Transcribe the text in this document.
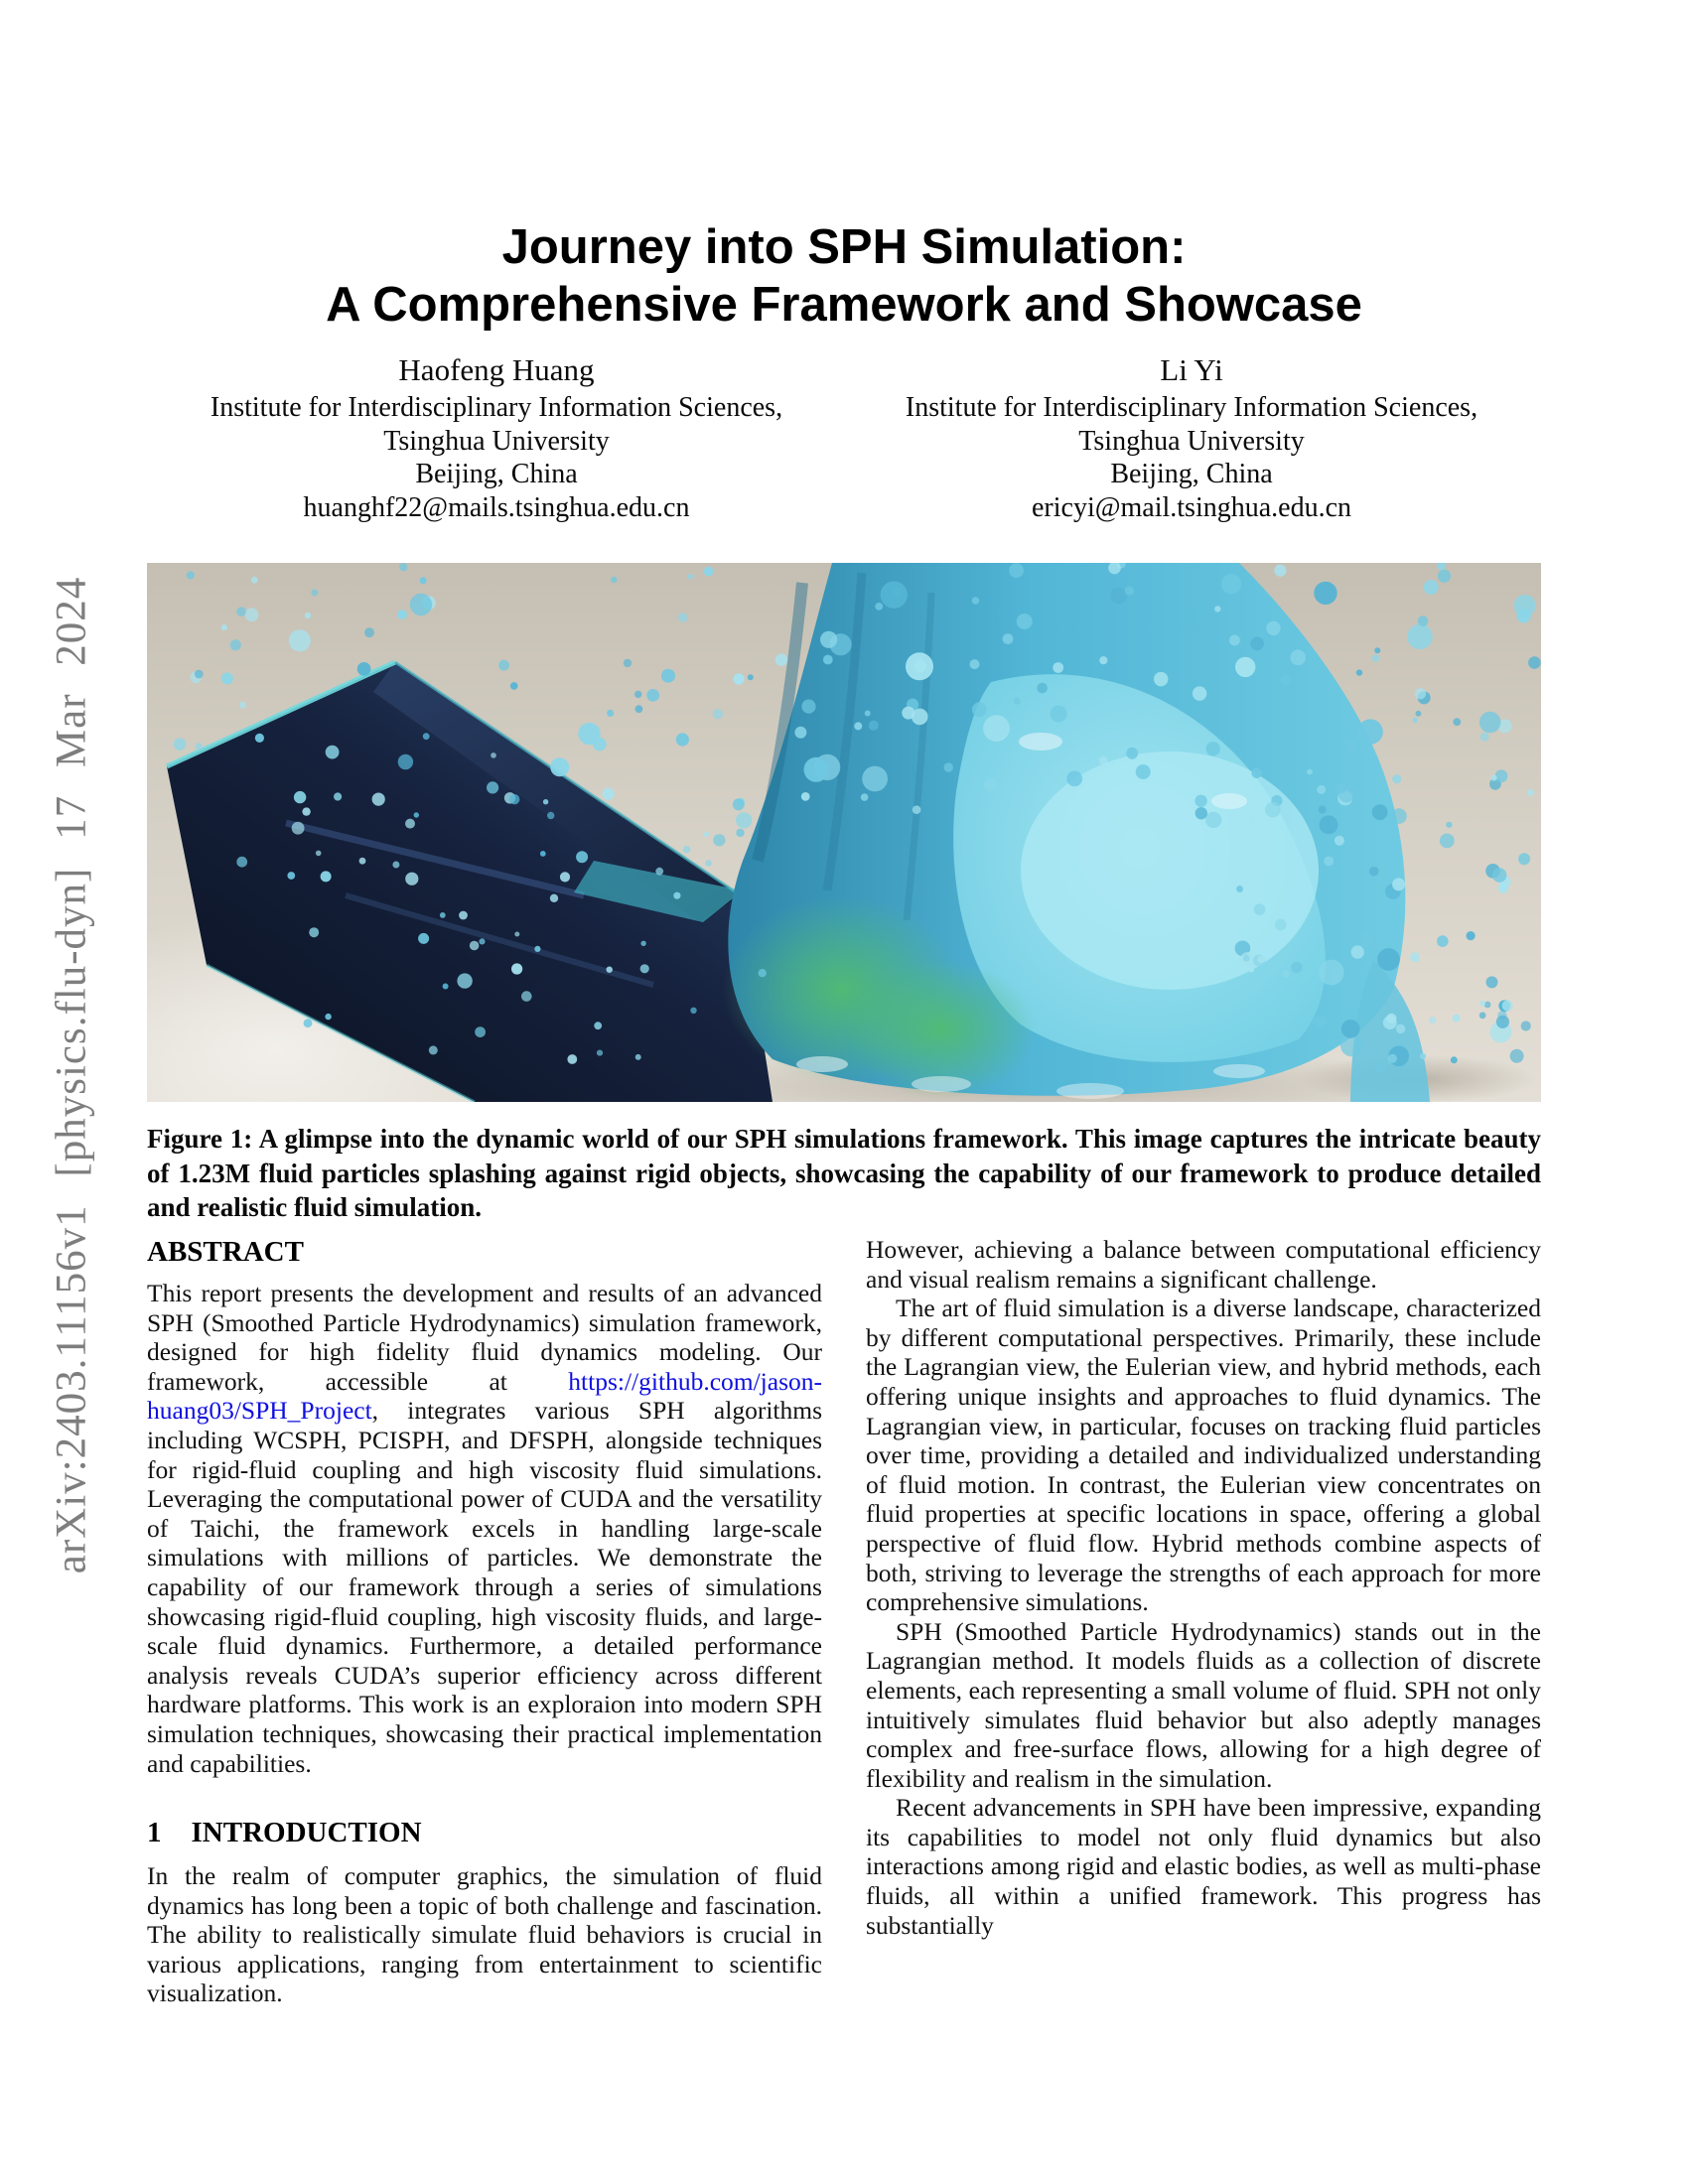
arXiv:2403.11156v1 [physics.flu-dyn] 17 Mar 2024
Journey into SPH Simulation:
A Comprehensive Framework and Showcase
Haofeng Huang
Institute for Interdisciplinary Information Sciences,
Tsinghua University
Beijing, China
huanghf22@mails.tsinghua.edu.cn
Li Yi
Institute for Interdisciplinary Information Sciences,
Tsinghua University
Beijing, China
ericyi@mail.tsinghua.edu.cn
Figure 1: A glimpse into the dynamic world of our SPH simulations framework. This image captures the intricate beauty of 1.23M fluid particles splashing against rigid objects, showcasing the capability of our framework to produce detailed and realistic fluid simulation.
ABSTRACT

This report presents the development and results of an advanced SPH (Smoothed Particle Hydrodynamics) simulation framework, designed for high fidelity fluid dynamics modeling. Our framework, accessible at https://github.com/jason-huang03/SPH_Project, integrates various SPH algorithms including WCSPH, PCISPH, and DFSPH, alongside techniques for rigid-fluid coupling and high viscosity fluid simulations. Leveraging the computational power of CUDA and the versatility of Taichi, the framework excels in handling large-scale simulations with millions of particles. We demonstrate the capability of our framework through a series of simulations showcasing rigid-fluid coupling, high viscosity fluids, and large-scale fluid dynamics. Furthermore, a detailed performance analysis reveals CUDA’s superior efficiency across different hardware platforms. This work is an exploraion into modern SPH simulation techniques, showcasing their practical implementation and capabilities.

1 INTRODUCTION

In the realm of computer graphics, the simulation of fluid dynamics has long been a topic of both challenge and fascination. The ability to realistically simulate fluid behaviors is crucial in various applications, ranging from entertainment to scientific visualization.

However, achieving a balance between computational efficiency and visual realism remains a significant challenge.

The art of fluid simulation is a diverse landscape, characterized by different computational perspectives. Primarily, these include the Lagrangian view, the Eulerian view, and hybrid methods, each offering unique insights and approaches to fluid dynamics. The Lagrangian view, in particular, focuses on tracking fluid particles over time, providing a detailed and individualized understanding of fluid motion. In contrast, the Eulerian view concentrates on fluid properties at specific locations in space, offering a global perspective of fluid flow. Hybrid methods combine aspects of both, striving to leverage the strengths of each approach for more comprehensive simulations.

SPH (Smoothed Particle Hydrodynamics) stands out in the Lagrangian method. It models fluids as a collection of discrete elements, each representing a small volume of fluid. SPH not only intuitively simulates fluid behavior but also adeptly manages complex and free-surface flows, allowing for a high degree of flexibility and realism in the simulation.

Recent advancements in SPH have been impressive, expanding its capabilities to model not only fluid dynamics but also interactions among rigid and elastic bodies, as well as multi-phase fluids, all within a unified framework. This progress has substantially
